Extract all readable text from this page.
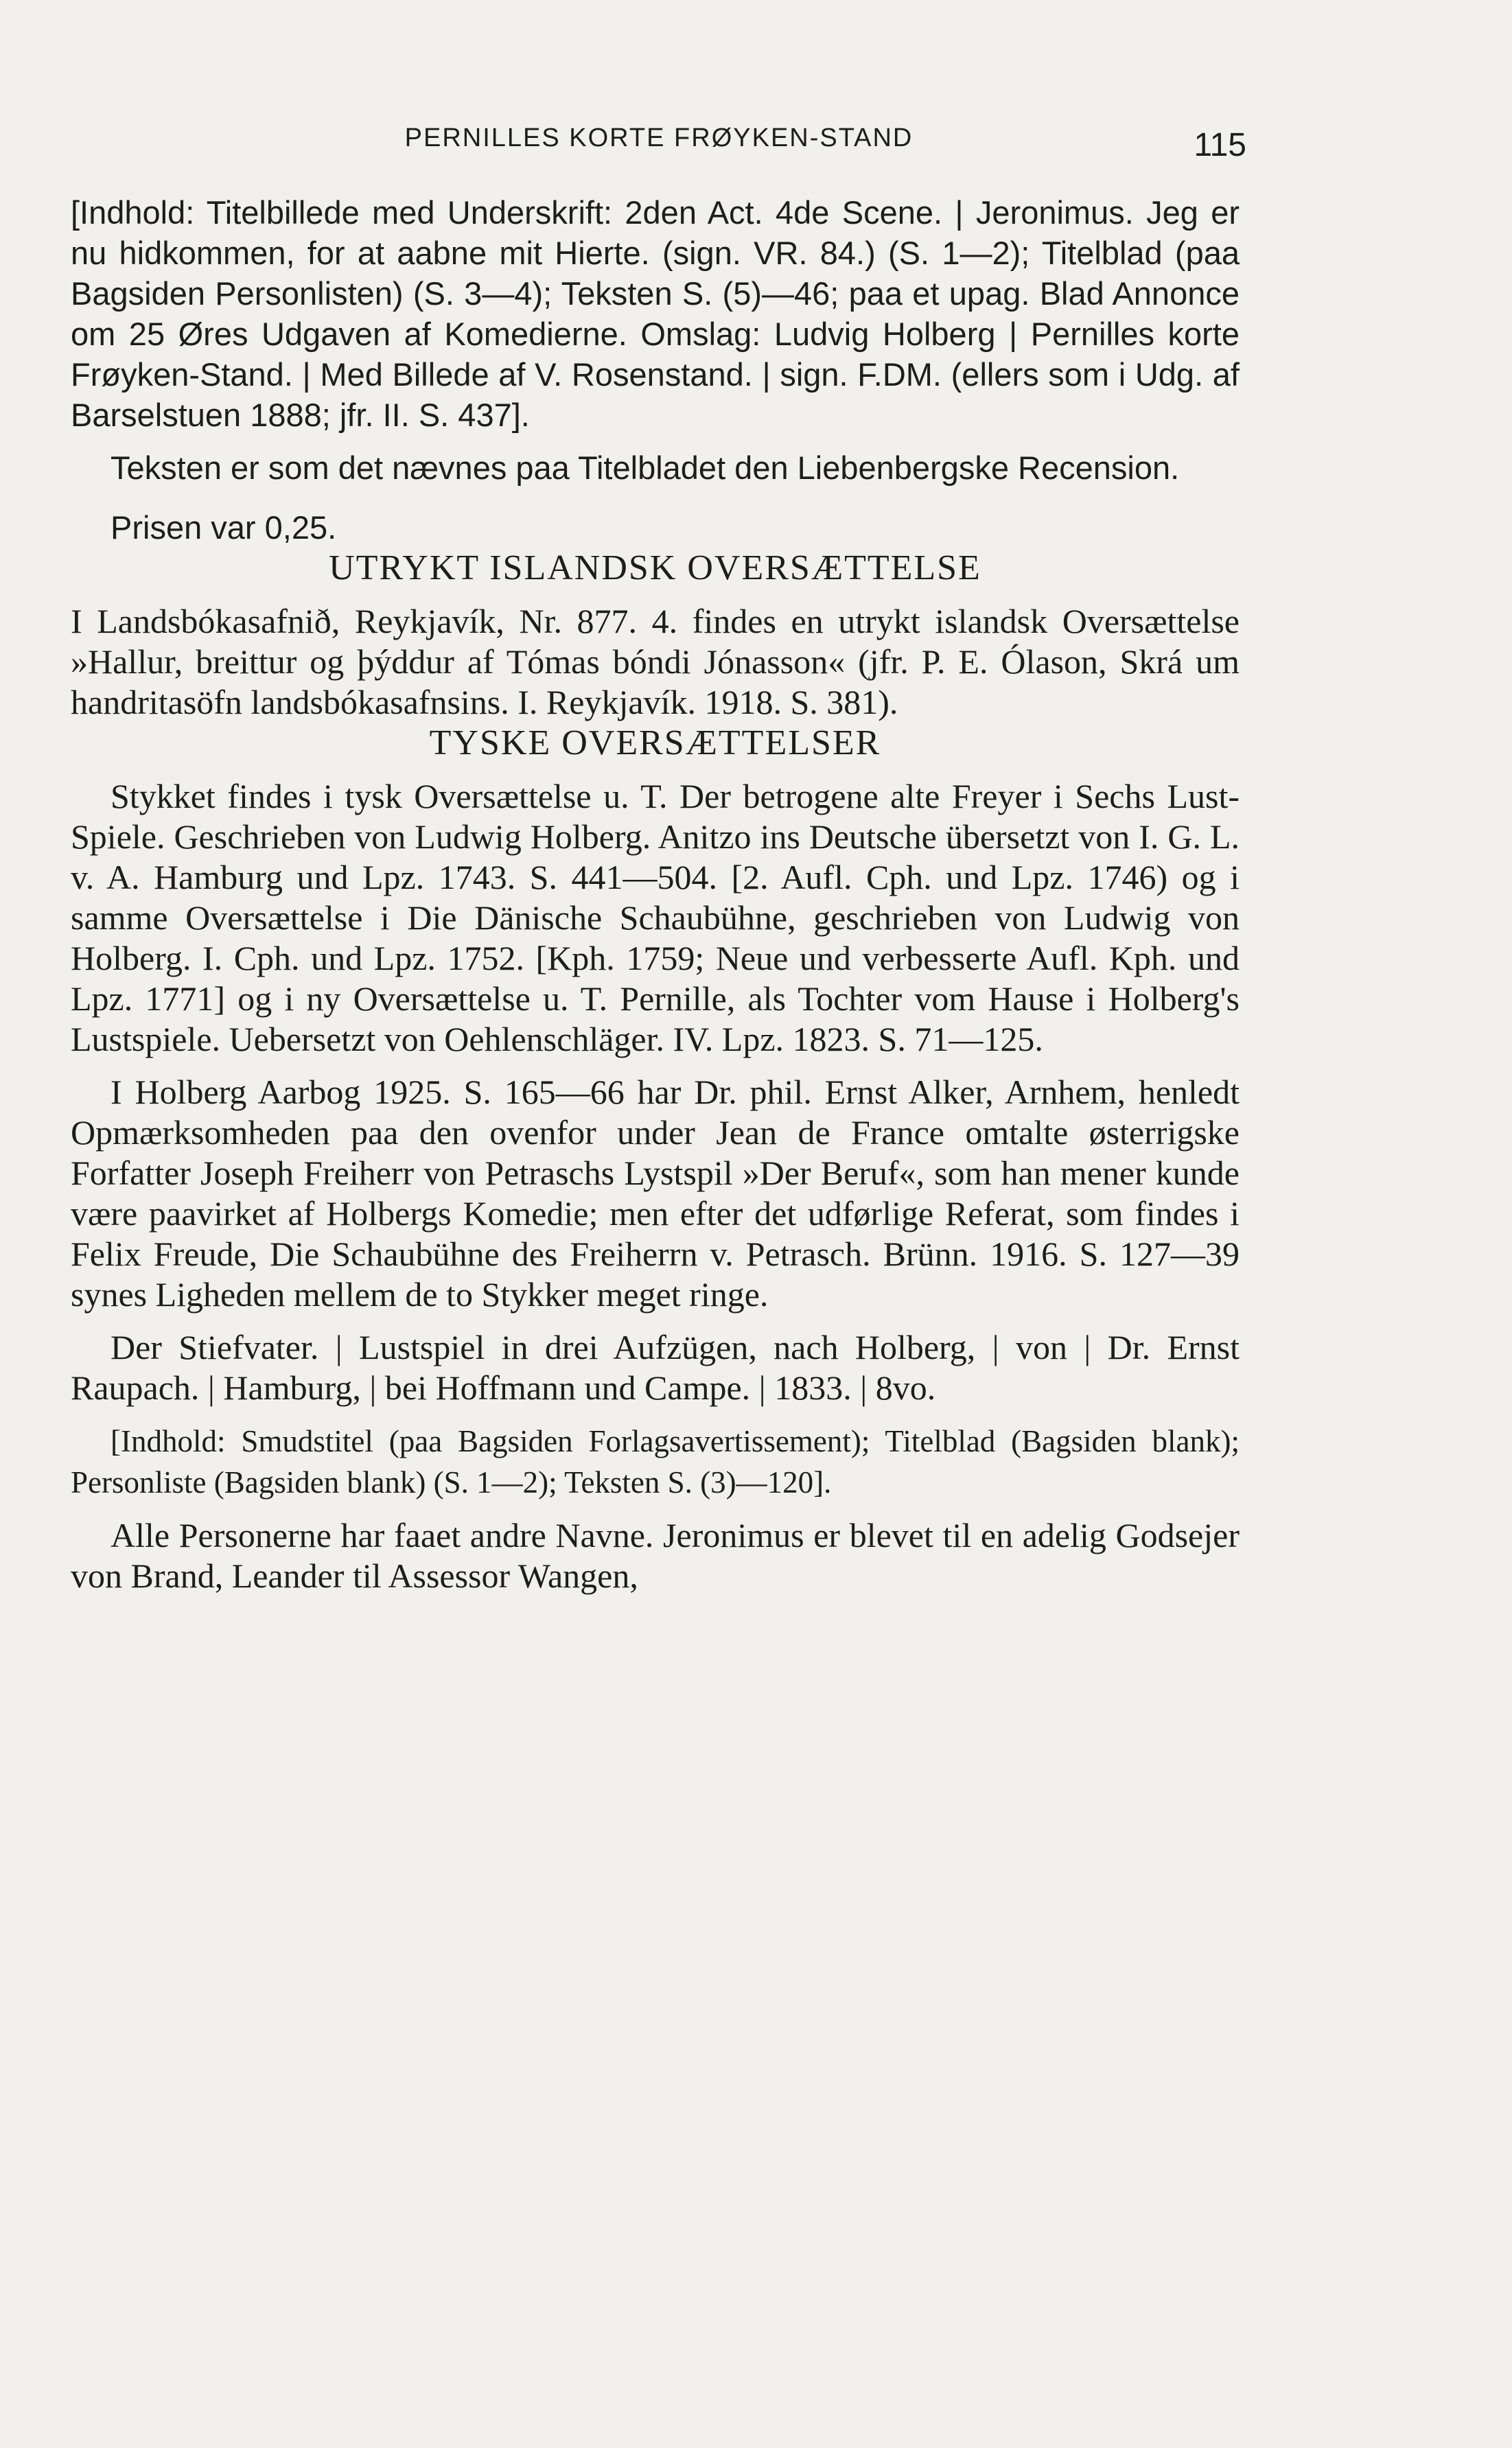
PERNILLES KORTE FRØYKEN-STAND	115

[Indhold: Titelbillede med Underskrift: 2den Act. 4de Scene. | Jeronimus. Jeg er nu hidkommen, for at aabne mit Hierte. (sign. VR. 84.) (S. 1—2); Titelblad (paa Bagsiden Personlisten) (S. 3—4); Teksten S. (5)—46; paa et upag. Blad Annonce om 25 Øres Udgaven af Komedierne. Omslag: Ludvig Holberg | Pernilles korte Frøyken-Stand. | Med Billede af V. Rosenstand. | sign. F.DM. (ellers som i Udg. af Barselstuen 1888; jfr. II. S. 437].

Teksten er som det nævnes paa Titelbladet den Liebenbergske Recension.

Prisen var 0,25.

UTRYKT ISLANDSK OVERSÆTTELSE

I Landsbókasafnið, Reykjavík, Nr. 877. 4. findes en utrykt islandsk Oversættelse »Hallur, breittur og þýddur af Tómas bóndi Jónasson« (jfr. P. E. Ólason, Skrá um handritasöfn landsbókasafnsins. I. Reykjavík. 1918. S. 381).

TYSKE OVERSÆTTELSER

Stykket findes i tysk Oversættelse u. T. Der betrogene alte Freyer i Sechs Lust-Spiele. Geschrieben von Ludwig Holberg. Anitzo ins Deutsche übersetzt von I. G. L. v. A. Hamburg und Lpz. 1743. S. 441—504. [2. Aufl. Cph. und Lpz. 1746) og i samme Oversættelse i Die Dänische Schaubühne, geschrieben von Ludwig von Holberg. I. Cph. und Lpz. 1752. [Kph. 1759; Neue und verbesserte Aufl. Kph. und Lpz. 1771] og i ny Oversættelse u. T. Pernille, als Tochter vom Hause i Holberg's Lustspiele. Uebersetzt von Oehlenschläger. IV. Lpz. 1823. S. 71—125.

I Holberg Aarbog 1925. S. 165—66 har Dr. phil. Ernst Alker, Arnhem, henledt Opmærksomheden paa den ovenfor under Jean de France omtalte østerrigske Forfatter Joseph Freiherr von Petraschs Lystspil »Der Beruf«, som han mener kunde være paavirket af Holbergs Komedie; men efter det udførlige Referat, som findes i Felix Freude, Die Schaubühne des Freiherrn v. Petrasch. Brünn. 1916. S. 127—39 synes Ligheden mellem de to Stykker meget ringe.

Der Stiefvater. | Lustspiel in drei Aufzügen, nach Holberg, | von | Dr. Ernst Raupach. | Hamburg, | bei Hoffmann und Campe. | 1833. | 8vo.

[Indhold: Smudstitel (paa Bagsiden Forlagsavertissement); Titelblad (Bagsiden blank); Personliste (Bagsiden blank) (S. 1—2); Teksten S. (3)—120].

Alle Personerne har faaet andre Navne. Jeronimus er blevet til en adelig Godsejer von Brand, Leander til Assessor Wangen,
